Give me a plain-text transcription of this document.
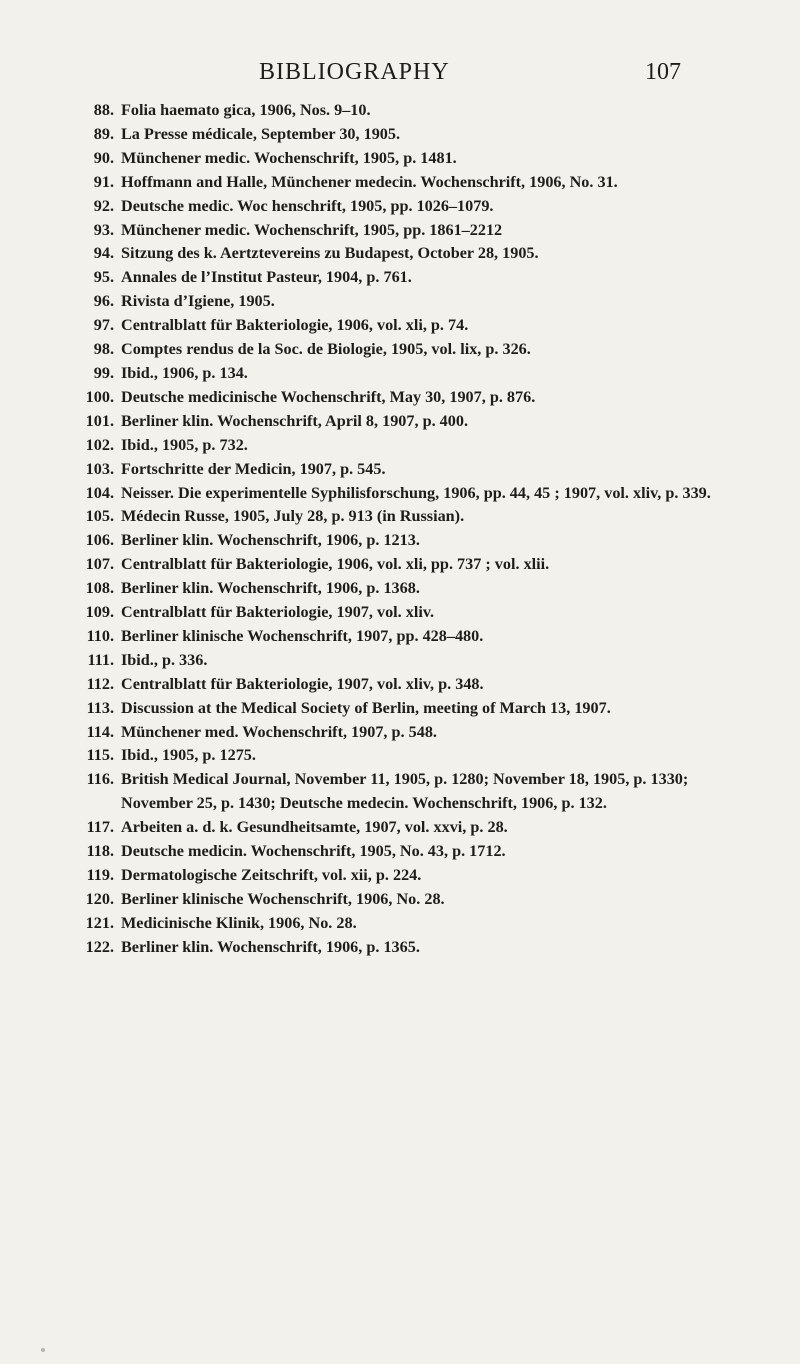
BIBLIOGRAPHY	107
88. Folia haemato gica, 1906, Nos. 9–10.
89. La Presse médicale, September 30, 1905.
90. Münchener medic. Wochenschrift, 1905, p. 1481.
91. Hoffmann and Halle, Münchener medecin. Wochenschrift, 1906, No. 31.
92. Deutsche medic. Woc henschrift, 1905, pp. 1026–1079.
93. Münchener medic. Wochenschrift, 1905, pp. 1861–2212
94. Sitzung des k. Aertztevereins zu Budapest, October 28, 1905.
95. Annales de l’Institut Pasteur, 1904, p. 761.
96. Rivista d’Igiene, 1905.
97. Centralblatt für Bakteriologie, 1906, vol. xli, p. 74.
98. Comptes rendus de la Soc. de Biologie, 1905, vol. lix, p. 326.
99. Ibid., 1906, p. 134.
100. Deutsche medicinische Wochenschrift, May 30, 1907, p. 876.
101. Berliner klin. Wochenschrift, April 8, 1907, p. 400.
102. Ibid., 1905, p. 732.
103. Fortschritte der Medicin, 1907, p. 545.
104. Neisser. Die experimentelle Syphilisforschung, 1906, pp. 44, 45 ; 1907, vol. xliv, p. 339.
105. Médecin Russe, 1905, July 28, p. 913 (in Russian).
106. Berliner klin. Wochenschrift, 1906, p. 1213.
107. Centralblatt für Bakteriologie, 1906, vol. xli, pp. 737 ; vol. xlii.
108. Berliner klin. Wochenschrift, 1906, p. 1368.
109. Centralblatt für Bakteriologie, 1907, vol. xliv.
110. Berliner klinische Wochenschrift, 1907, pp. 428–480.
111. Ibid., p. 336.
112. Centralblatt für Bakteriologie, 1907, vol. xliv, p. 348.
113. Discussion at the Medical Society of Berlin, meeting of March 13, 1907.
114. Münchener med. Wochenschrift, 1907, p. 548.
115. Ibid., 1905, p. 1275.
116. British Medical Journal, November 11, 1905, p. 1280; November 18, 1905, p. 1330; November 25, p. 1430; Deutsche medecin. Wochenschrift, 1906, p. 132.
117. Arbeiten a. d. k. Gesundheitsamte, 1907, vol. xxvi, p. 28.
118. Deutsche medicin. Wochenschrift, 1905, No. 43, p. 1712.
119. Dermatologische Zeitschrift, vol. xii, p. 224.
120. Berliner klinische Wochenschrift, 1906, No. 28.
121. Medicinische Klinik, 1906, No. 28.
122. Berliner klin. Wochenschrift, 1906, p. 1365.
